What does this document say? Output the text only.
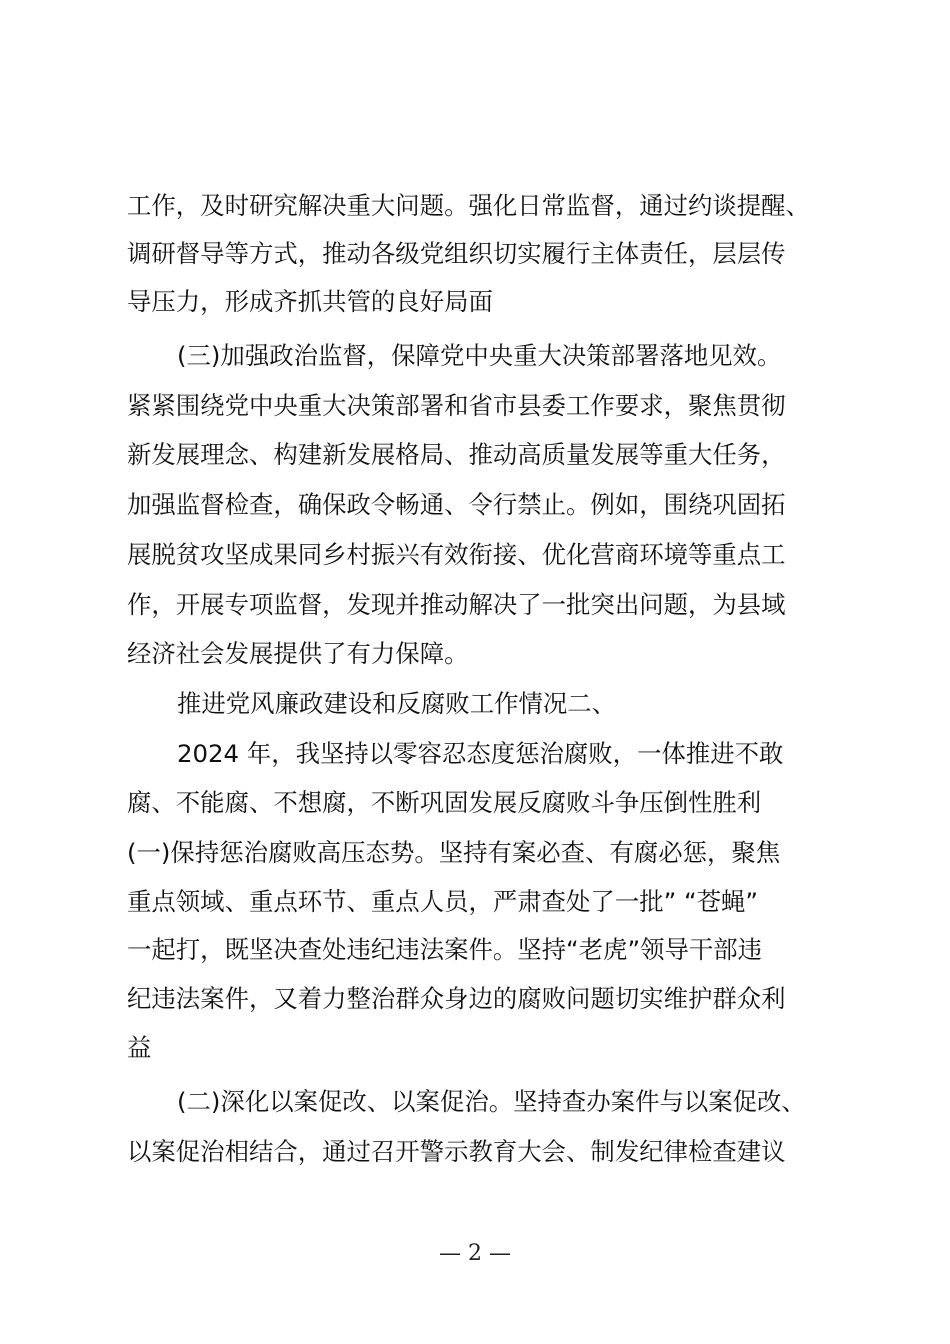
工作，及时研究解决重大问题。强化日常监督，通过约谈提醒、
调研督导等方式，推动各级党组织切实履行主体责任，层层传
导压力，形成齐抓共管的良好局面
(三)加强政治监督，保障党中央重大决策部署落地见效。
紧紧围绕党中央重大决策部署和省市县委工作要求，聚焦贯彻
新发展理念、构建新发展格局、推动高质量发展等重大任务，
加强监督检查，确保政令畅通、令行禁止。例如，围绕巩固拓
展脱贫攻坚成果同乡村振兴有效衔接、优化营商环境等重点工
作，开展专项监督，发现并推动解决了一批突出问题，为县域
经济社会发展提供了有力保障。
推进党风廉政建设和反腐败工作情况二、
2024 年，我坚持以零容忍态度惩治腐败，一体推进不敢
腐、不能腐、不想腐，不断巩固发展反腐败斗争压倒性胜利
(一)保持惩治腐败高压态势。坚持有案必查、有腐必惩，聚焦
重点领域、重点环节、重点人员，严肃查处了一批” “苍蝇”
一起打，既坚决查处违纪违法案件。坚持“老虎”领导干部违
纪违法案件，又着力整治群众身边的腐败问题切实维护群众利
益
(二)深化以案促改、以案促治。坚持查办案件与以案促改、
以案促治相结合，通过召开警示教育大会、制发纪律检查建议
— 2 —
